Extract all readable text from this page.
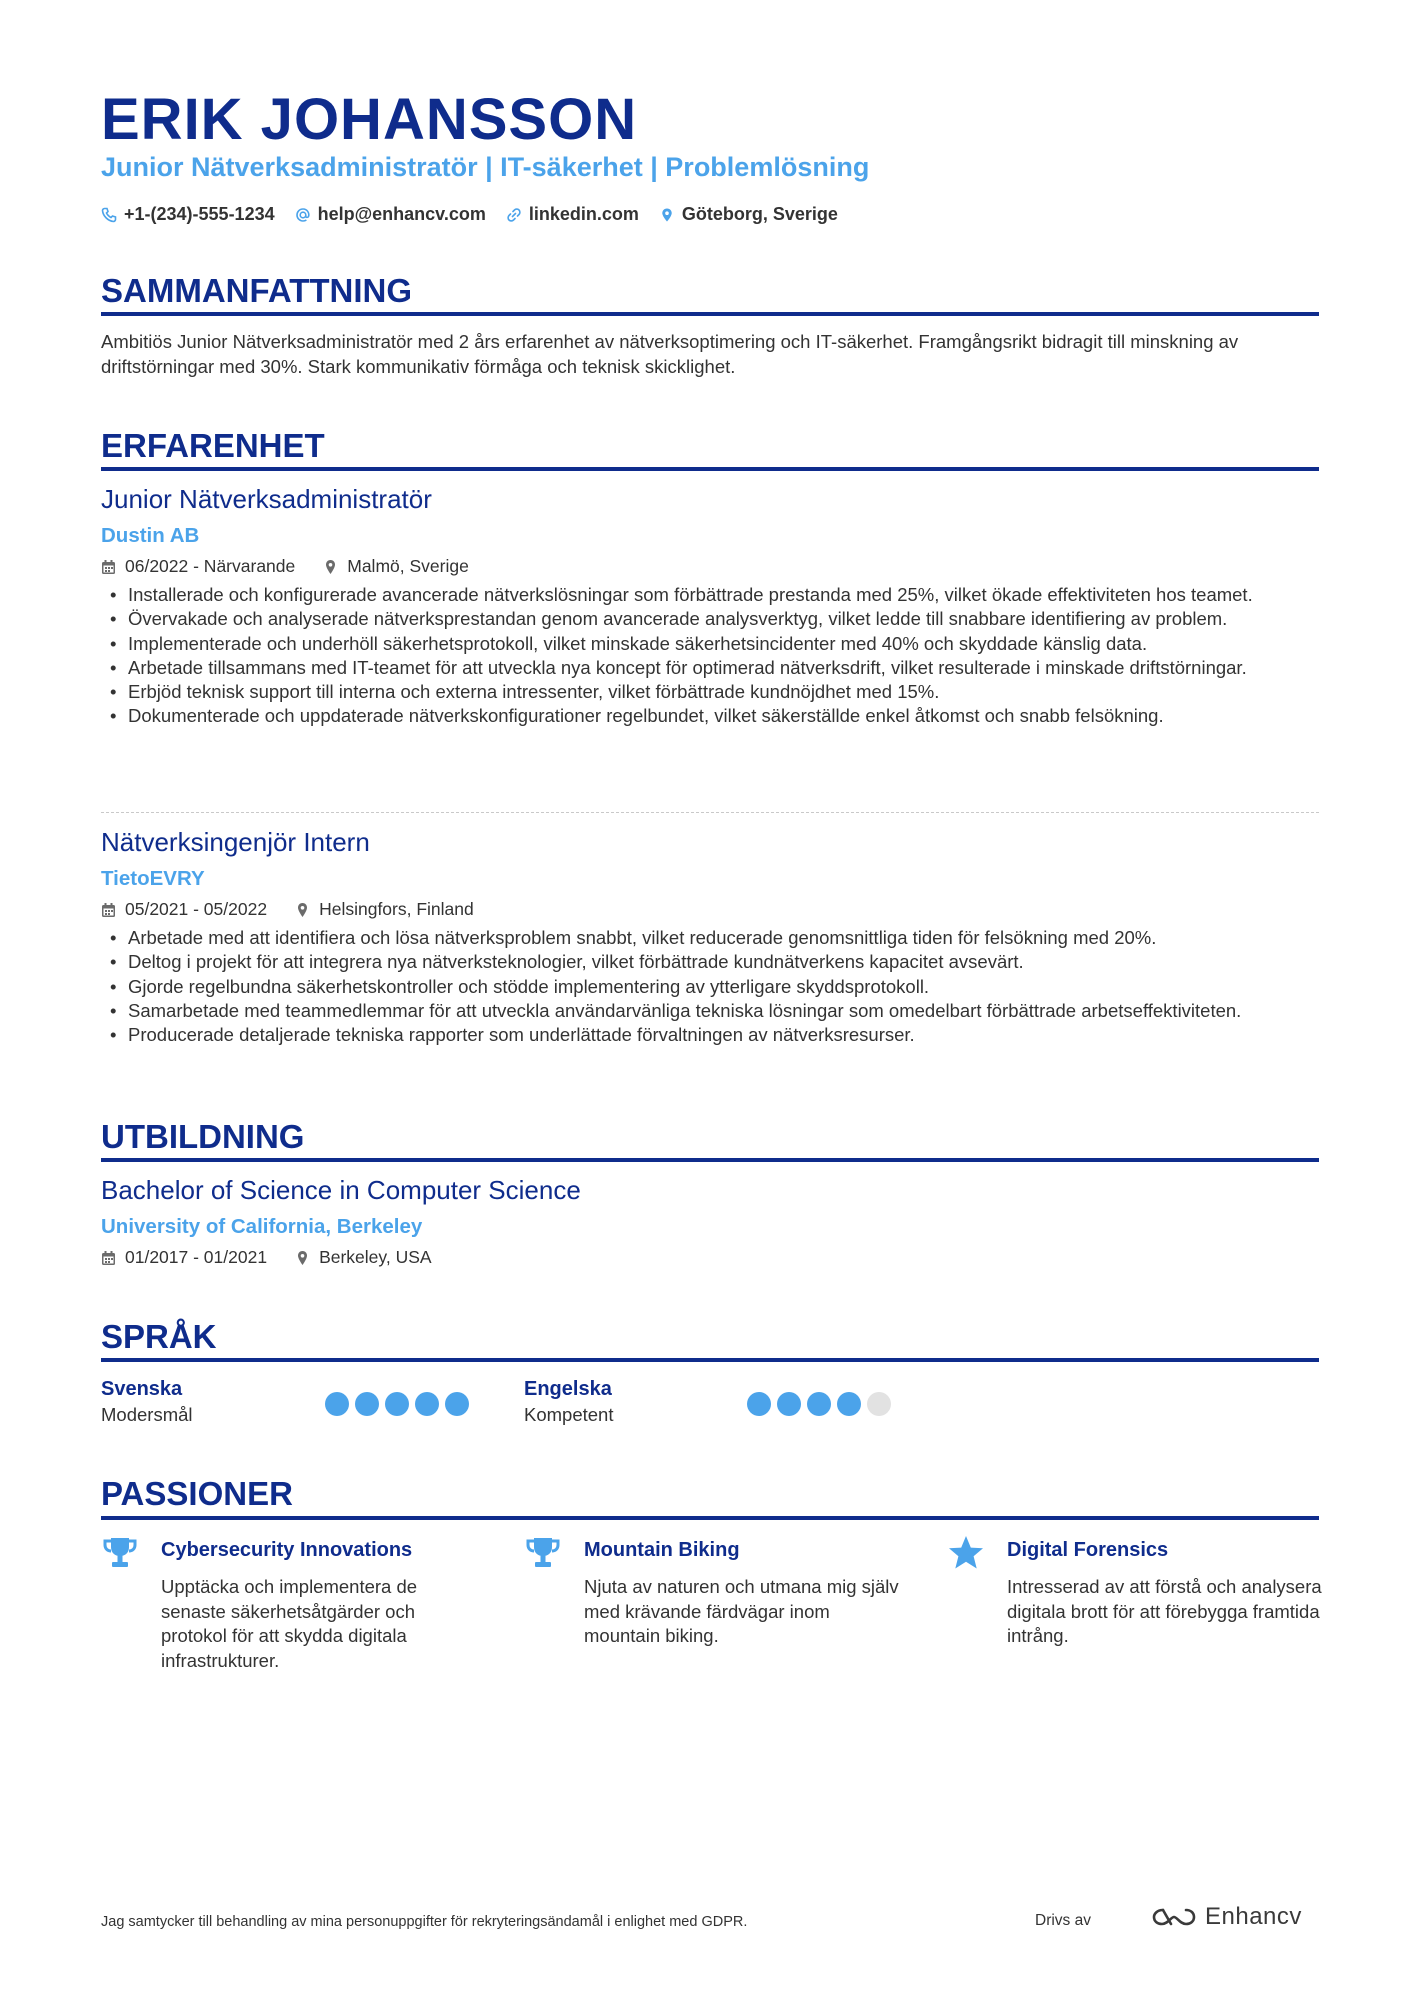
ERIK JOHANSSON
Junior Nätverksadministratör | IT-säkerhet | Problemlösning
+1-(234)-555-1234 help@enhancv.com linkedin.com Göteborg, Sverige
SAMMANFATTNING
Ambitiös Junior Nätverksadministratör med 2 års erfarenhet av nätverksoptimering och IT-säkerhet. Framgångsrikt bidragit till minskning av driftstörningar med 30%. Stark kommunikativ förmåga och teknisk skicklighet.
ERFARENHET
Junior Nätverksadministratör
Dustin AB
06/2022 - Närvarande	Malmö, Sverige
• Installerade och konfigurerade avancerade nätverkslösningar som förbättrade prestanda med 25%, vilket ökade effektiviteten hos teamet.
• Övervakade och analyserade nätverksprestandan genom avancerade analysverktyg, vilket ledde till snabbare identifiering av problem.
• Implementerade och underhöll säkerhetsprotokoll, vilket minskade säkerhetsincidenter med 40% och skyddade känslig data.
• Arbetade tillsammans med IT-teamet för att utveckla nya koncept för optimerad nätverksdrift, vilket resulterade i minskade driftstörningar.
• Erbjöd teknisk support till interna och externa intressenter, vilket förbättrade kundnöjdhet med 15%.
• Dokumenterade och uppdaterade nätverkskonfigurationer regelbundet, vilket säkerställde enkel åtkomst och snabb felsökning.
Nätverksingenjör Intern
TietoEVRY
05/2021 - 05/2022	Helsingfors, Finland
• Arbetade med att identifiera och lösa nätverksproblem snabbt, vilket reducerade genomsnittliga tiden för felsökning med 20%.
• Deltog i projekt för att integrera nya nätverksteknologier, vilket förbättrade kundnätverkens kapacitet avsevärt.
• Gjorde regelbundna säkerhetskontroller och stödde implementering av ytterligare skyddsprotokoll.
• Samarbetade med teammedlemmar för att utveckla användarvänliga tekniska lösningar som omedelbart förbättrade arbetseffektiviteten.
• Producerade detaljerade tekniska rapporter som underlättade förvaltningen av nätverksresurser.
UTBILDNING
Bachelor of Science in Computer Science
University of California, Berkeley
01/2017 - 01/2021	Berkeley, USA
SPRÅK
Svenska
Modersmål
Engelska
Kompetent
PASSIONER
Cybersecurity Innovations
Upptäcka och implementera de senaste säkerhetsåtgärder och protokol för att skydda digitala infrastrukturer.
Mountain Biking
Njuta av naturen och utmana mig själv med krävande färdvägar inom mountain biking.
Digital Forensics
Intresserad av att förstå och analysera digitala brott för att förebygga framtida intrång.
Jag samtycker till behandling av mina personuppgifter för rekryteringsändamål i enlighet med GDPR.	Drivs av	Enhancv
